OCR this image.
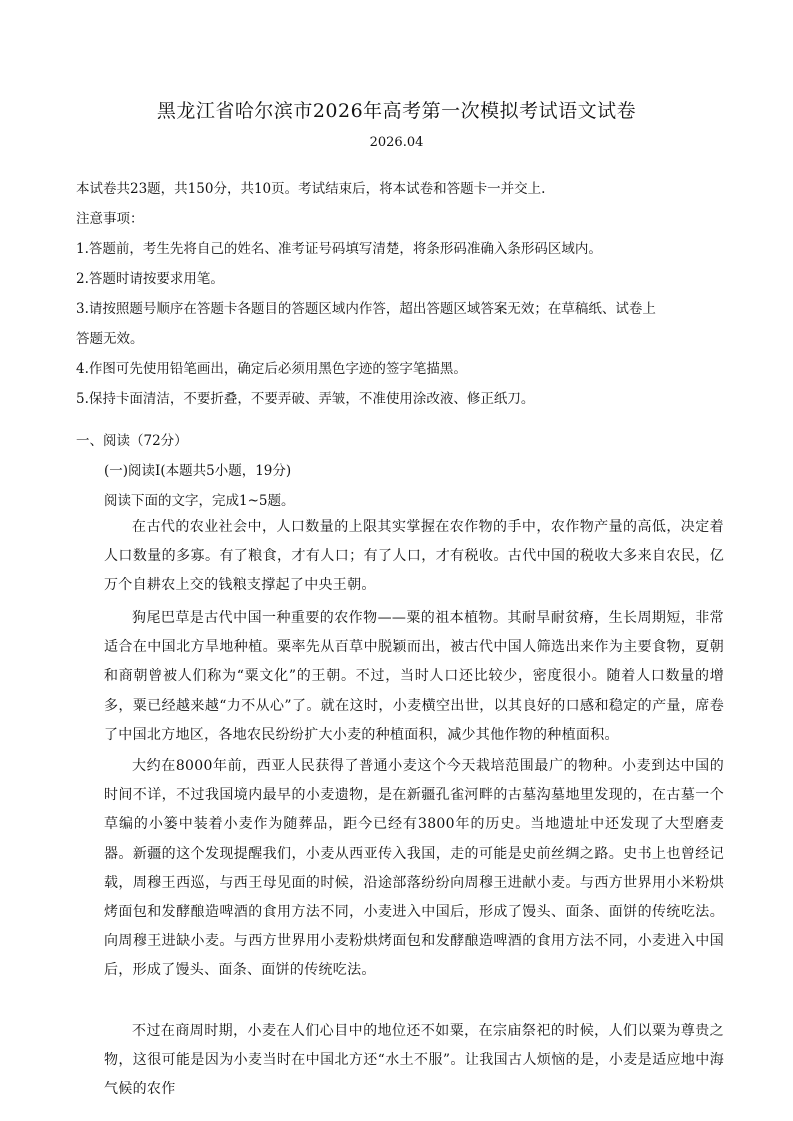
黑龙江省哈尔滨市2026年高考第一次模拟考试语文试卷
2026.04
本试卷共23题，共150分，共10页。考试结束后，将本试卷和答题卡一并交上.
注意事项：
1.答题前，考生先将自己的姓名、准考证号码填写清楚，将条形码准确入条形码区域内。
2.答题时请按要求用笔。
3.请按照题号顺序在答题卡各题目的答题区域内作答，超出答题区域答案无效；在草稿纸、试卷上
答题无效。
4.作图可先使用铅笔画出，确定后必须用黑色字迹的签字笔描黑。
5.保持卡面清洁，不要折叠，不要弄破、弄皱，不准使用涂改液、修正纸刀。
一、阅读（72分）
(一)阅读Ⅰ(本题共5小题，19分)
阅读下面的文字，完成1~5题。
在古代的农业社会中，人口数量的上限其实掌握在农作物的手中，农作物产量的高低，决定着人口数量的多寡。有了粮食，才有人口；有了人口，才有税收。古代中国的税收大多来自农民，亿万个自耕农上交的钱粮支撑起了中央王朝。
狗尾巴草是古代中国一种重要的农作物——粟的祖本植物。其耐旱耐贫瘠，生长周期短，非常适合在中国北方旱地种植。粟率先从百草中脱颖而出，被古代中国人筛选出来作为主要食物，夏朝和商朝曾被人们称为“粟文化”的王朝。不过，当时人口还比较少，密度很小。随着人口数量的增多，粟已经越来越“力不从心”了。就在这时，小麦横空出世，以其良好的口感和稳定的产量，席卷了中国北方地区，各地农民纷纷扩大小麦的种植面积，减少其他作物的种植面积。
大约在8000年前，西亚人民获得了普通小麦这个今天栽培范围最广的物种。小麦到达中国的时间不详，不过我国境内最早的小麦遗物，是在新疆孔雀河畔的古墓沟墓地里发现的，在古墓一个草编的小篓中装着小麦作为随葬品，距今已经有3800年的历史。当地遗址中还发现了大型磨麦器。新疆的这个发现提醒我们，小麦从西亚传入我国，走的可能是史前丝绸之路。史书上也曾经记载，周穆王西巡，与西王母见面的时候，沿途部落纷纷向周穆王进献小麦。与西方世界用小米粉烘烤面包和发酵酿造啤酒的食用方法不同，小麦进入中国后，形成了馒头、面条、面饼的传统吃法。向周穆王进缺小麦。与西方世界用小麦粉烘烤面包和发酵酿造啤酒的食用方法不同，小麦进入中国后，形成了馒头、面条、面饼的传统吃法。
不过在商周时期，小麦在人们心目中的地位还不如粟，在宗庙祭祀的时候，人们以粟为尊贵之物，这很可能是因为小麦当时在中国北方还“水土不服”。让我国古人烦恼的是，小麦是适应地中海气候的农作
